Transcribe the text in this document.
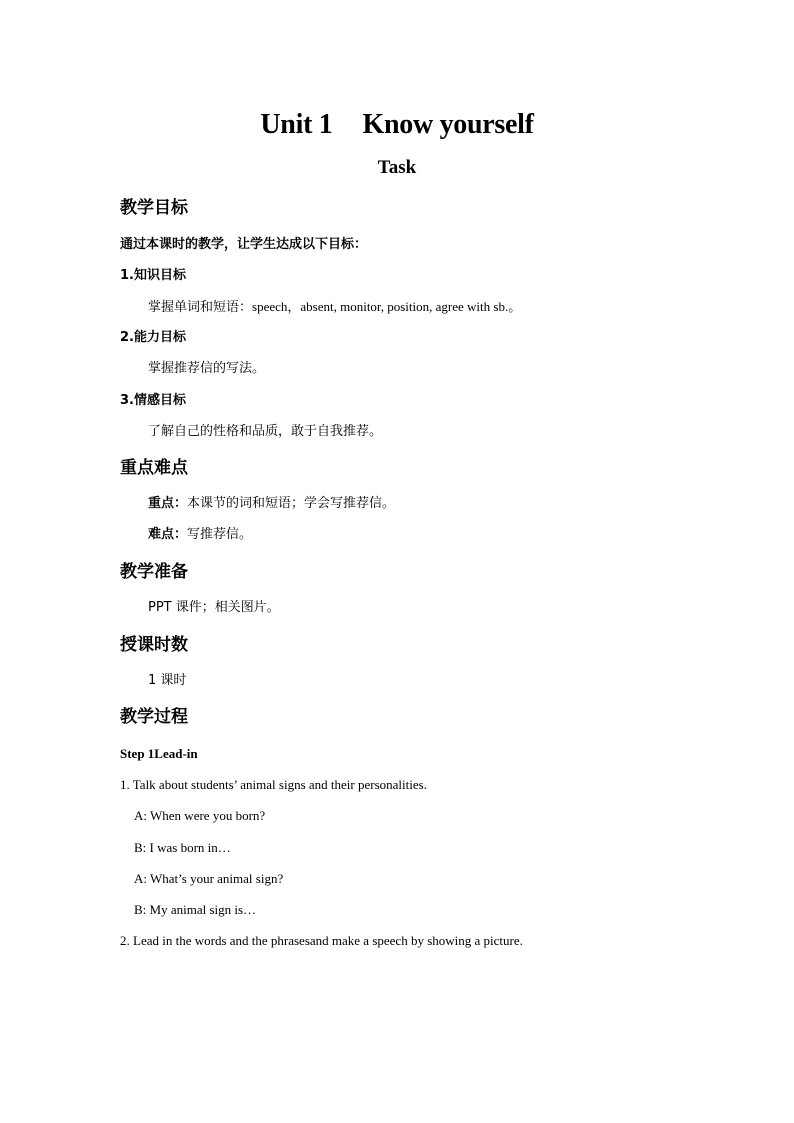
Unit 1 Know yourself
Task
教学目标
通过本课时的教学，让学生达成以下目标：
1.知识目标
掌握单词和短语：speech，absent, monitor, position, agree with sb.。
2.能力目标
掌握推荐信的写法。
3.情感目标
了解自己的性格和品质，敢于自我推荐。
重点难点
重点：本课节的词和短语；学会写推荐信。
难点：写推荐信。
教学准备
PPT 课件；相关图片。
授课时数
1 课时
教学过程
Step 1Lead-in
1. Talk about students’ animal signs and their personalities.
A: When were you born?
B: I was born in…
A: What’s your animal sign?
B: My animal sign is…
2. Lead in the words and the phrasesand make a speech by showing a picture.
